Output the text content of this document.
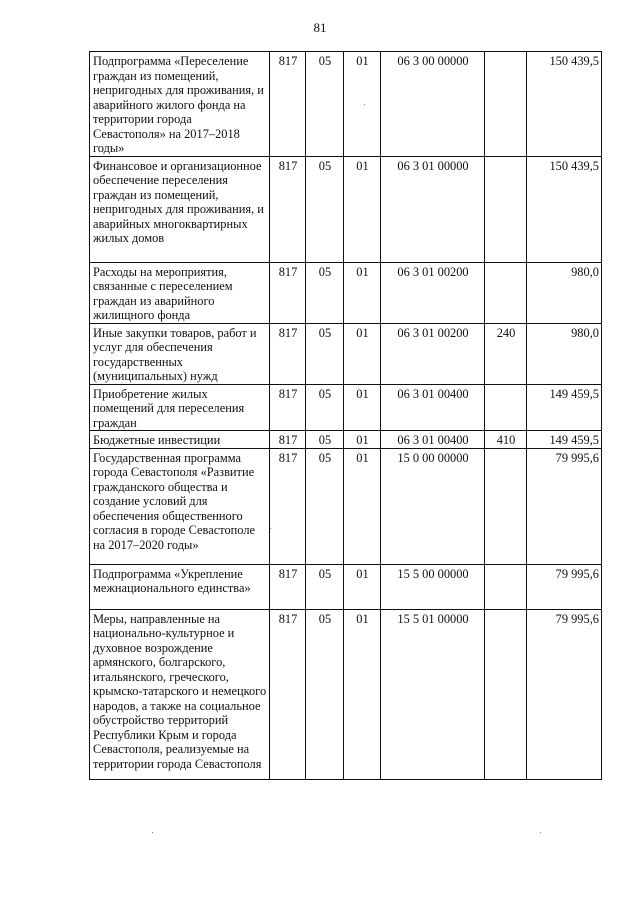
81
Подпрограмма «Переселение граждан из помещений, непригодных для проживания, и аварийного жилого фонда на территории города Севастополя» на 2017–2018 годы»	817	05	01	06 3 00 00000		150 439,5
Финансовое и организационное обеспечение переселения граждан из помещений, непригодных для проживания, и аварийных многоквартирных жилых домов	817	05	01	06 3 01 00000		150 439,5
Расходы на мероприятия, связанные с переселением граждан из аварийного жилищного фонда	817	05	01	06 3 01 00200		980,0
Иные закупки товаров, работ и услуг для обеспечения государственных (муниципальных) нужд	817	05	01	06 3 01 00200	240	980,0
Приобретение жилых помещений для переселения граждан	817	05	01	06 3 01 00400		149 459,5
Бюджетные инвестиции	817	05	01	06 3 01 00400	410	149 459,5
Государственная программа города Севастополя «Развитие гражданского общества и создание условий для обеспечения общественного согласия в городе Севастополе на 2017–2020 годы»	817	05	01	15 0 00 00000		79 995,6
Подпрограмма «Укрепление межнационального единства»	817	05	01	15 5 00 00000		79 995,6
Меры, направленные на национально-культурное и духовное возрождение армянского, болгарского, итальянского, греческого, крымско-татарского и немецкого народов, а также на социальное обустройство территорий Республики Крым и города Севастополя, реализуемые на территории города Севастополя	817	05	01	15 5 01 00000		79 995,6
